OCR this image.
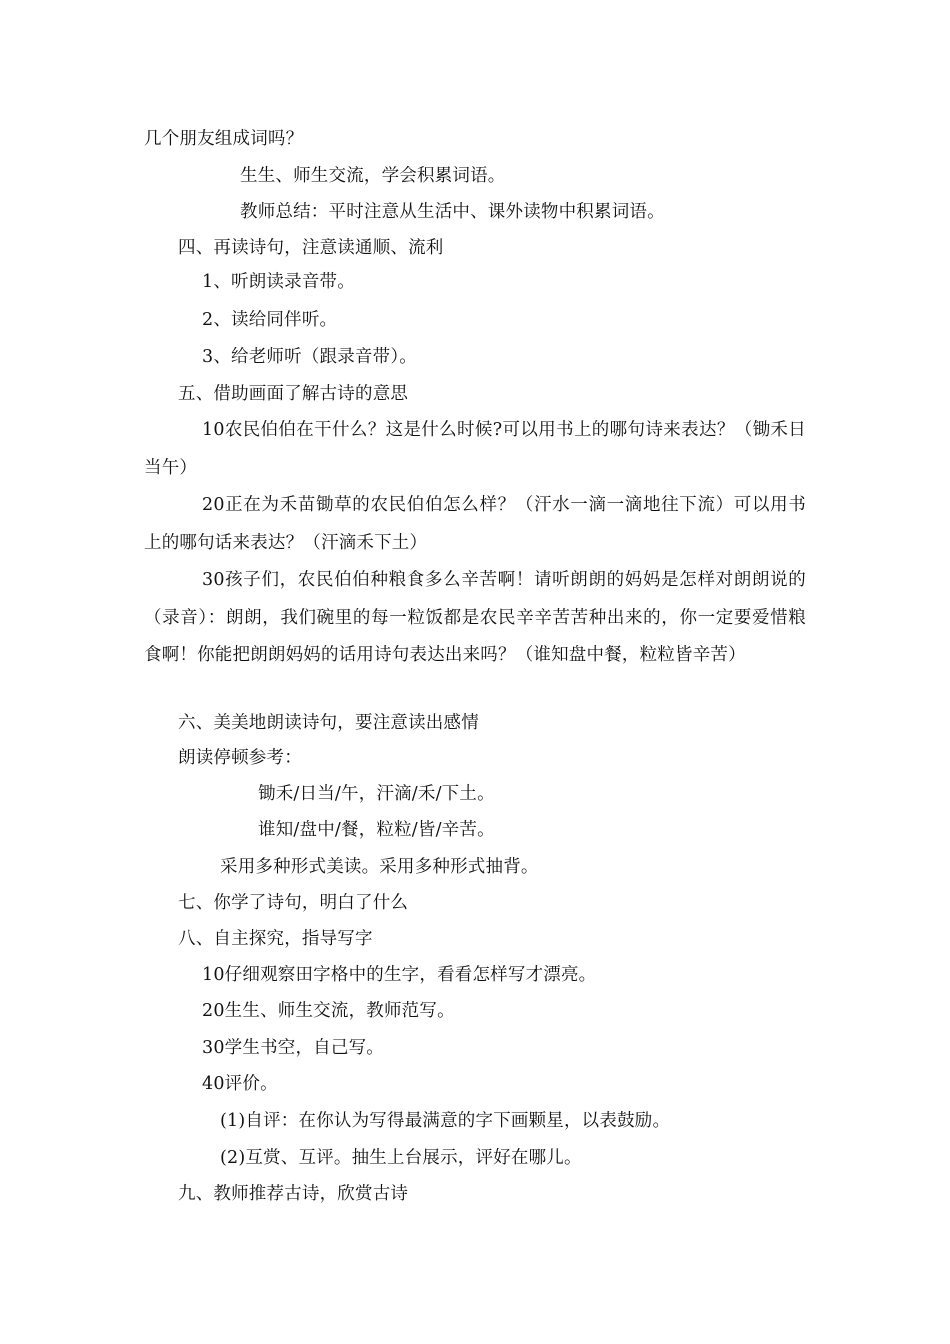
几个朋友组成词吗？
生生、师生交流，学会积累词语。
教师总结：平时注意从生活中、课外读物中积累词语。
四、再读诗句，注意读通顺、流利
1、听朗读录音带。
2、读给同伴听。
3、给老师听（跟录音带）。
五、借助画面了解古诗的意思
10农民伯伯在干什么？这是什么时候?可以用书上的哪句诗来表达？（锄禾日当午）
20正在为禾苗锄草的农民伯伯怎么样？（汗水一滴一滴地往下流）可以用书上的哪句话来表达？（汗滴禾下土）
30孩子们，农民伯伯种粮食多么辛苦啊！请听朗朗的妈妈是怎样对朗朗说的（录音）：朗朗，我们碗里的每一粒饭都是农民辛辛苦苦种出来的，你一定要爱惜粮食啊！你能把朗朗妈妈的话用诗句表达出来吗？（谁知盘中餐，粒粒皆辛苦）
六、美美地朗读诗句，要注意读出感情
朗读停顿参考：
锄禾/日当/午，汗滴/禾/下土。
谁知/盘中/餐，粒粒/皆/辛苦。
采用多种形式美读。采用多种形式抽背。
七、你学了诗句，明白了什么
八、自主探究，指导写字
10仔细观察田字格中的生字，看看怎样写才漂亮。
20生生、师生交流，教师范写。
30学生书空，自己写。
40评价。
(1)自评：在你认为写得最满意的字下画颗星，以表鼓励。
(2)互赏、互评。抽生上台展示，评好在哪儿。
九、教师推荐古诗，欣赏古诗
